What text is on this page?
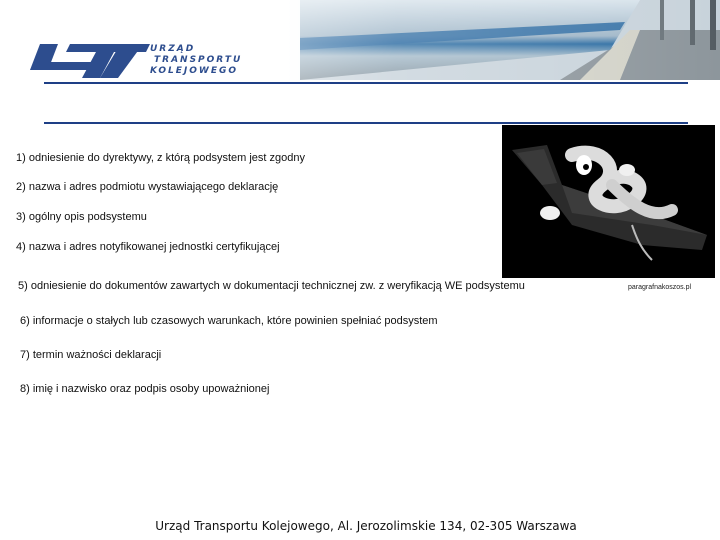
URZĄD
TRANSPORTU
KOLEJOWEGO
paragrafnakoszos.pl
1) odniesienie do dyrektywy, z którą podsystem jest zgodny
2) nazwa i adres podmiotu wystawiającego deklarację
3) ogólny opis podsystemu
4) nazwa i adres notyfikowanej jednostki certyfikującej
5) odniesienie do dokumentów zawartych w dokumentacji technicznej zw. z weryfikacją WE podsystemu
6) informacje o stałych lub czasowych warunkach, które powinien spełniać podsystem
7) termin ważności deklaracji
8) imię i nazwisko oraz podpis osoby upoważnionej
Urząd Transportu Kolejowego, Al. Jerozolimskie 134, 02-305 Warszawa
